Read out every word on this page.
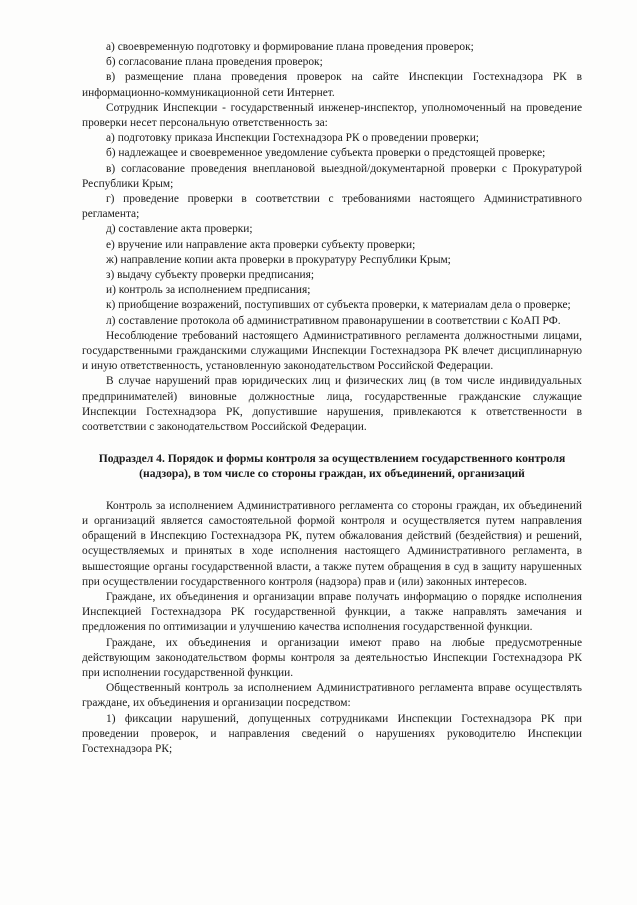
а) своевременную подготовку и формирование плана проведения проверок;

б) согласование плана проведения проверок;

в) размещение плана проведения проверок на сайте Инспекции Гостехнадзора РК в информационно-коммуникационной сети Интернет.

Сотрудник Инспекции - государственный инженер-инспектор, уполномоченный на проведение проверки несет персональную ответственность за:

а) подготовку приказа Инспекции Гостехнадзора РК о проведении проверки;

б) надлежащее и своевременное уведомление субъекта проверки о предстоящей проверке;

в) согласование проведения внеплановой выездной/документарной проверки с Прокуратурой Республики Крым;

г) проведение проверки в соответствии с требованиями настоящего Административного регламента;

д) составление акта проверки;

е) вручение или направление акта проверки субъекту проверки;

ж) направление копии акта проверки в прокуратуру Республики Крым;

з) выдачу субъекту проверки предписания;

и) контроль за исполнением предписания;

к) приобщение возражений, поступивших от субъекта проверки, к материалам дела о проверке;

л) составление протокола об административном правонарушении в соответствии с КоАП РФ.

Несоблюдение требований настоящего Административного регламента должностными лицами, государственными гражданскими служащими Инспекции Гостехнадзора РК влечет дисциплинарную и иную ответственность, установленную законодательством Российской Федерации.

В случае нарушений прав юридических лиц и физических лиц (в том числе индивидуальных предпринимателей) виновные должностные лица, государственные гражданские служащие Инспекции Гостехнадзора РК, допустившие нарушения, привлекаются к ответственности в соответствии с законодательством Российской Федерации.

Подраздел 4. Порядок и формы контроля за осуществлением государственного контроля (надзора), в том числе со стороны граждан, их объединений, организаций

Контроль за исполнением Административного регламента со стороны граждан, их объединений и организаций является самостоятельной формой контроля и осуществляется путем направления обращений в Инспекцию Гостехнадзора РК, путем обжалования действий (бездействия) и решений, осуществляемых и принятых в ходе исполнения настоящего Административного регламента, в вышестоящие органы государственной власти, а также путем обращения в суд в защиту нарушенных при осуществлении государственного контроля (надзора) прав и (или) законных интересов.

Граждане, их объединения и организации вправе получать информацию о порядке исполнения Инспекцией Гостехнадзора РК государственной функции, а также направлять замечания и предложения по оптимизации и улучшению качества исполнения государственной функции.

Граждане, их объединения и организации имеют право на любые предусмотренные действующим законодательством формы контроля за деятельностью Инспекции Гостехнадзора РК при исполнении государственной функции.

Общественный контроль за исполнением Административного регламента вправе осуществлять граждане, их объединения и организации посредством:

1) фиксации нарушений, допущенных сотрудниками Инспекции Гостехнадзора РК при проведении проверок, и направления сведений о нарушениях руководителю Инспекции Гостехнадзора РК;
